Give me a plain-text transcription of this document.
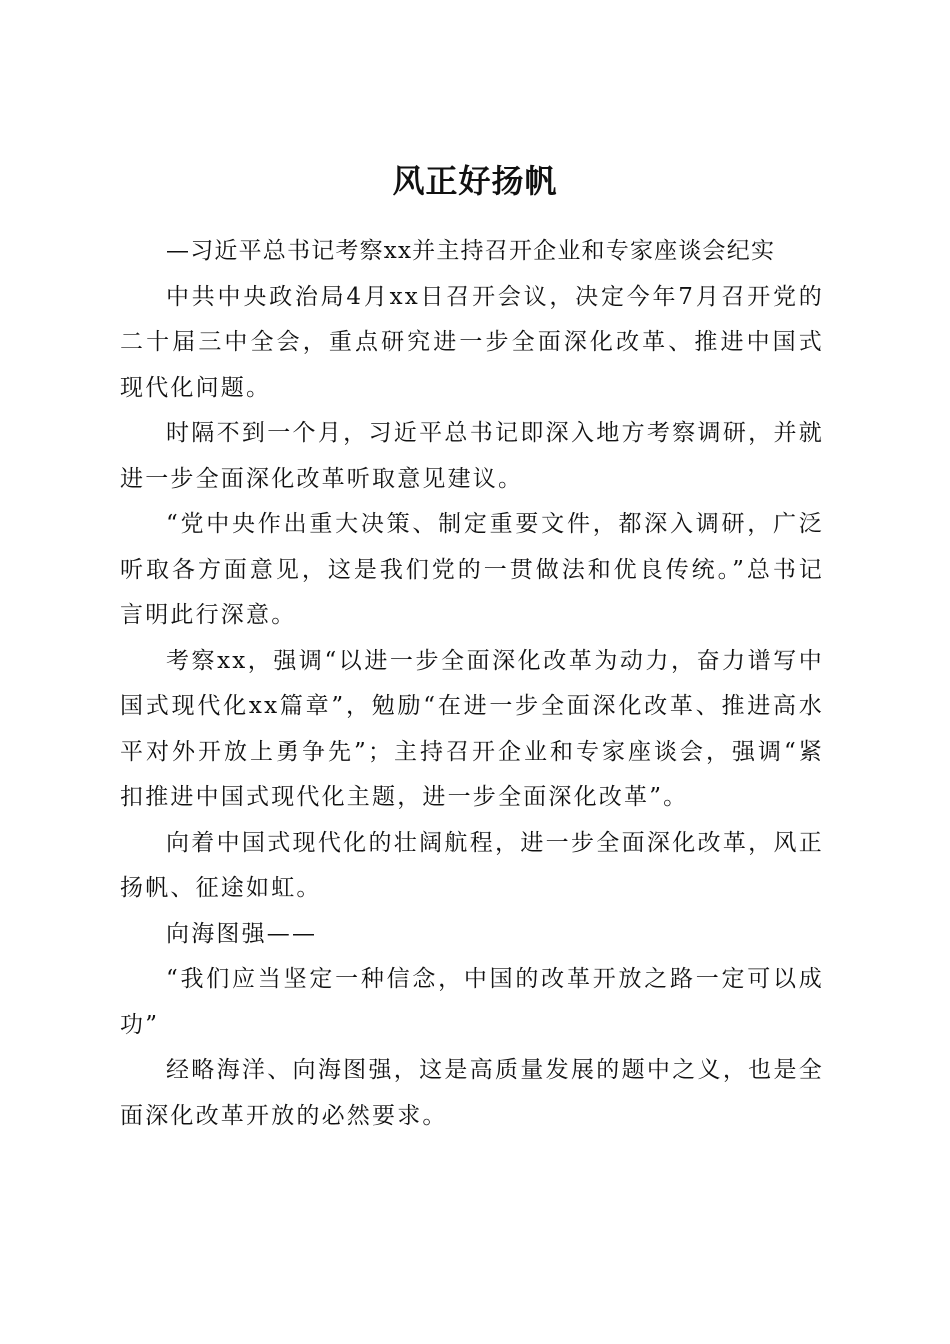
风正好扬帆

—习近平总书记考察xx并主持召开企业和专家座谈会纪实

中共中央政治局4月xx日召开会议，决定今年7月召开党的二十届三中全会，重点研究进一步全面深化改革、推进中国式现代化问题。

时隔不到一个月，习近平总书记即深入地方考察调研，并就进一步全面深化改革听取意见建议。

“党中央作出重大决策、制定重要文件，都深入调研，广泛听取各方面意见，这是我们党的一贯做法和优良传统。”总书记言明此行深意。

考察xx，强调“以进一步全面深化改革为动力，奋力谱写中国式现代化xx篇章”，勉励“在进一步全面深化改革、推进高水平对外开放上勇争先”；主持召开企业和专家座谈会，强调“紧扣推进中国式现代化主题，进一步全面深化改革”。

向着中国式现代化的壮阔航程，进一步全面深化改革，风正扬帆、征途如虹。

向海图强——

“我们应当坚定一种信念，中国的改革开放之路一定可以成功”

经略海洋、向海图强，这是高质量发展的题中之义，也是全面深化改革开放的必然要求。
